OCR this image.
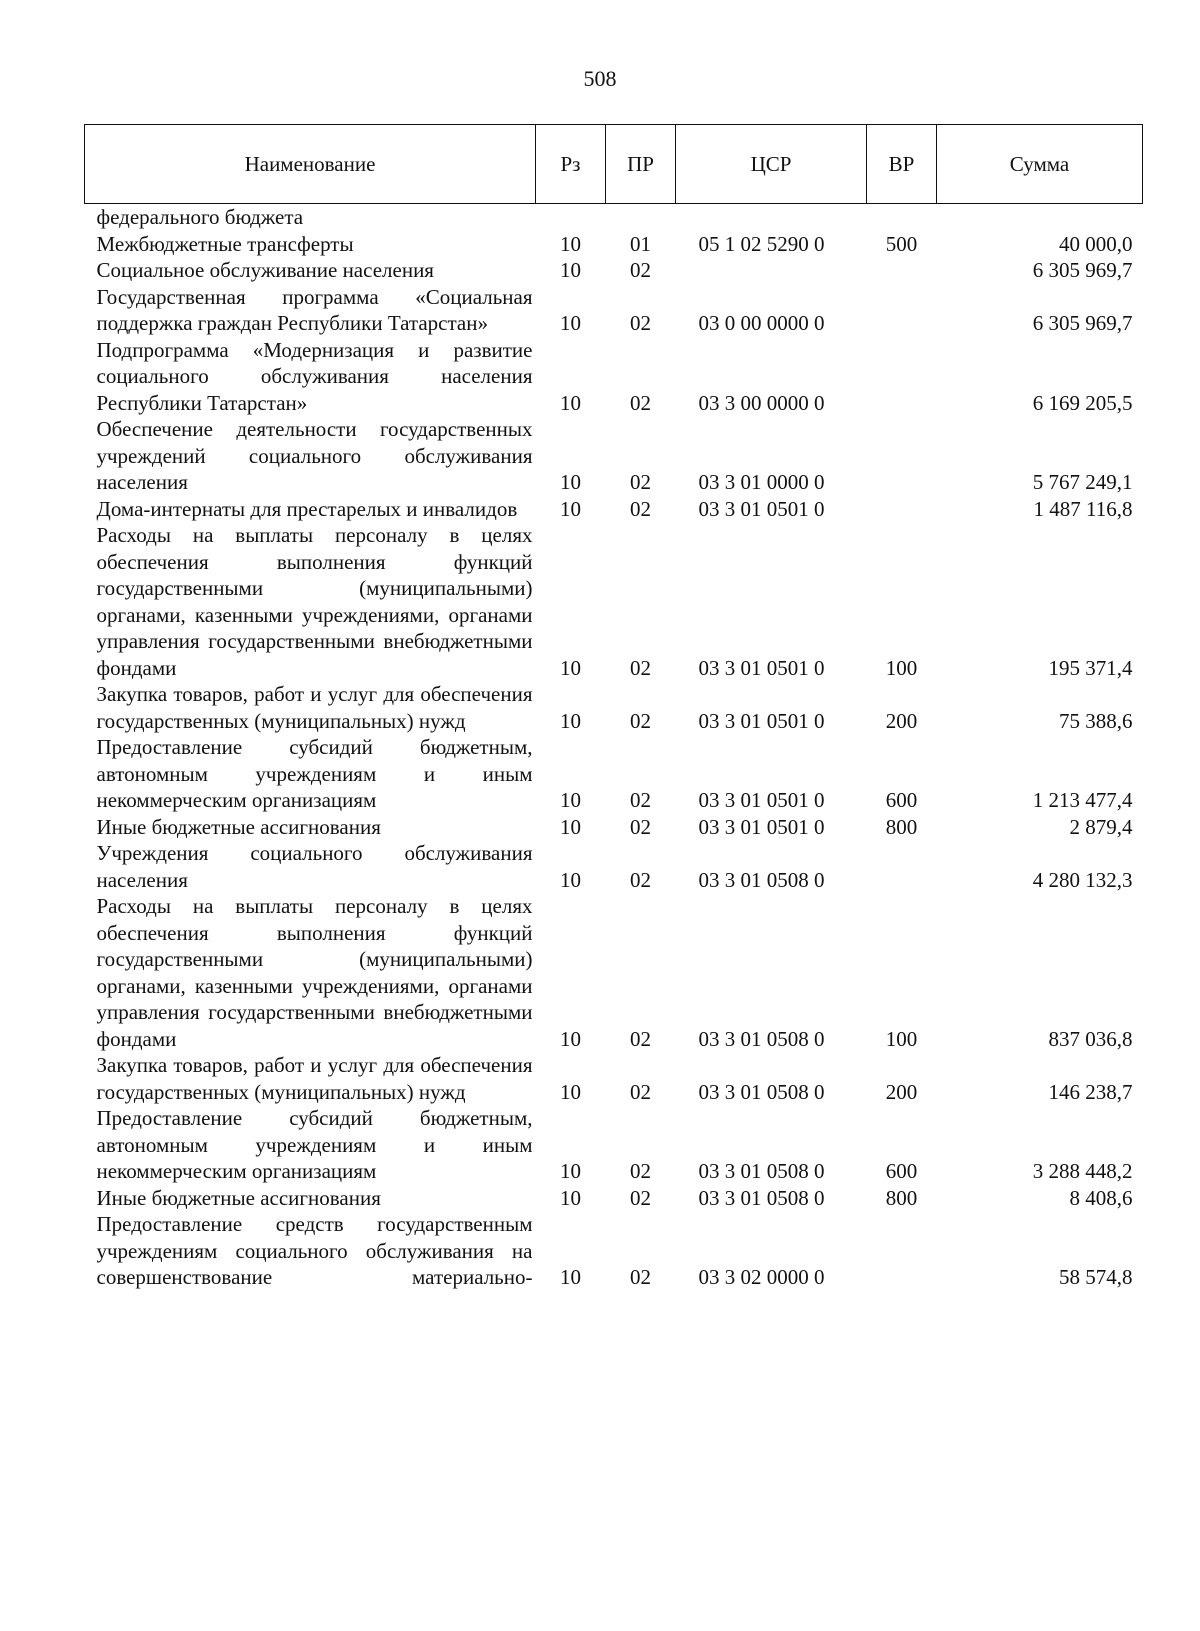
508
Наименование	Рз	ПР	ЦСР	ВР	Сумма
федерального бюджета					
Межбюджетные трансферты	10	01	05 1 02 5290 0	500	40 000,0
Социальное обслуживание населения	10	02			6 305 969,7
Государственная программа «Социальная поддержка граждан Республики Татарстан»	10	02	03 0 00 0000 0		6 305 969,7
Подпрограмма «Модернизация и развитие социального обслуживания населения Республики Татарстан»	10	02	03 3 00 0000 0		6 169 205,5
Обеспечение деятельности государственных учреждений социального обслуживания населения	10	02	03 3 01 0000 0		5 767 249,1
Дома-интернаты для престарелых и инвалидов	10	02	03 3 01 0501 0		1 487 116,8
Расходы на выплаты персоналу в целях обеспечения выполнения функций государственными (муниципальными) органами, казенными учреждениями, органами управления государственными внебюджетными фондами	10	02	03 3 01 0501 0	100	195 371,4
Закупка товаров, работ и услуг для обеспечения государственных (муниципальных) нужд	10	02	03 3 01 0501 0	200	75 388,6
Предоставление субсидий бюджетным, автономным учреждениям и иным некоммерческим организациям	10	02	03 3 01 0501 0	600	1 213 477,4
Иные бюджетные ассигнования	10	02	03 3 01 0501 0	800	2 879,4
Учреждения социального обслуживания населения	10	02	03 3 01 0508 0		4 280 132,3
Расходы на выплаты персоналу в целях обеспечения выполнения функций государственными (муниципальными) органами, казенными учреждениями, органами управления государственными внебюджетными фондами	10	02	03 3 01 0508 0	100	837 036,8
Закупка товаров, работ и услуг для обеспечения государственных (муниципальных) нужд	10	02	03 3 01 0508 0	200	146 238,7
Предоставление субсидий бюджетным, автономным учреждениям и иным некоммерческим организациям	10	02	03 3 01 0508 0	600	3 288 448,2
Иные бюджетные ассигнования	10	02	03 3 01 0508 0	800	8 408,6
Предоставление средств государственным учреждениям социального обслуживания на совершенствование материально-	10	02	03 3 02 0000 0		58 574,8
